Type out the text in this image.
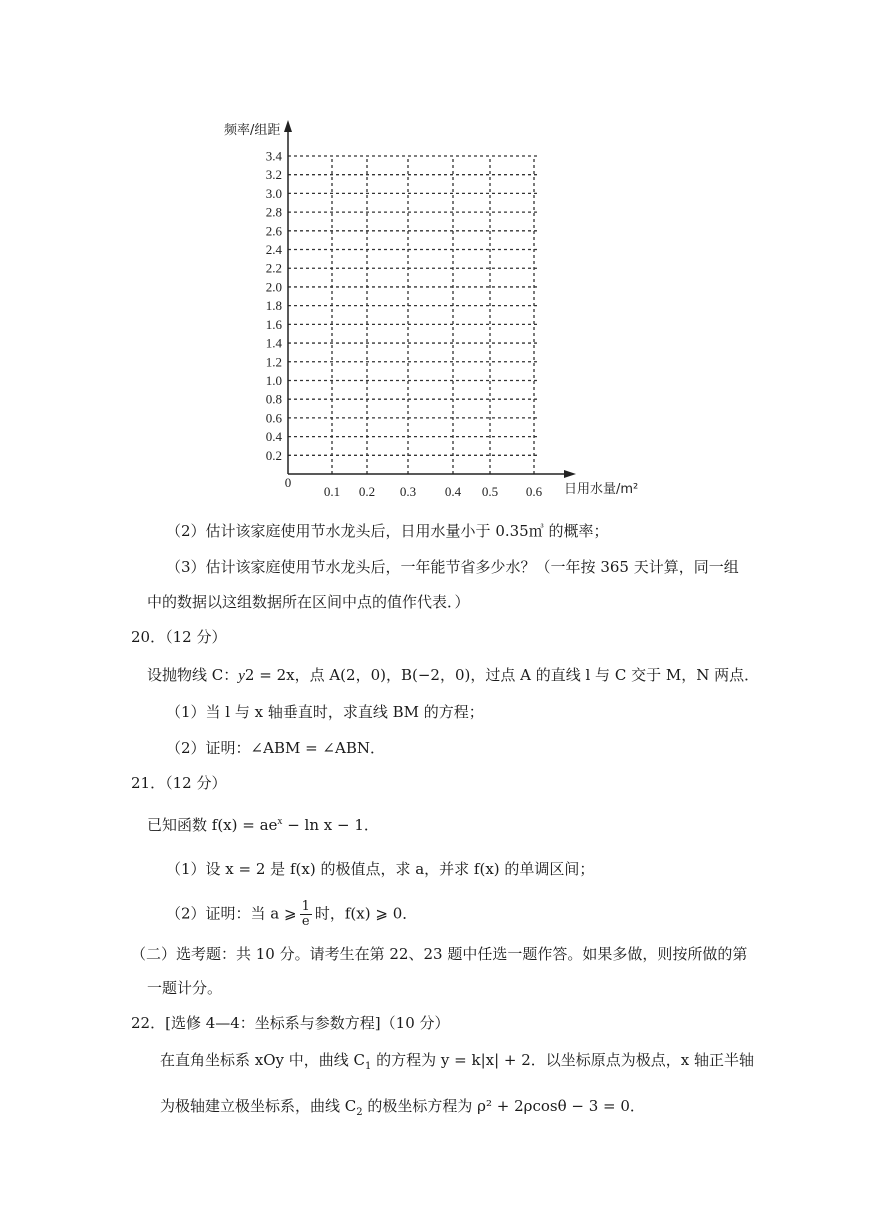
0.2
0.4
0.6
0.8
1.0
1.2
1.4
1.6
1.8
2.0
2.2
2.4
2.6
2.8
3.0
3.2
3.4
0.1 0.2 0.3 0.4 0.5 0.6
0
频率/组距
日用水量/m²
（2）估计该家庭使用节水龙头后，日用水量小于 0.35㎥ 的概率；
（3）估计该家庭使用节水龙头后，一年能节省多少水？（一年按 365 天计算，同一组
中的数据以这组数据所在区间中点的值作代表．）
20．（12 分）
设抛物线 C：y2 = 2x，点 A(2，0)，B(−2，0)，过点 A 的直线 l 与 C 交于 M，N 两点．
（1）当 l 与 x 轴垂直时，求直线 BM 的方程；
（2）证明：∠ABM = ∠ABN．
21．（12 分）
已知函数 $f(x) = ae^x - \ln x - 1$．
（1）设 x = 2 是 f(x) 的极值点，求 a，并求 f(x) 的单调区间；
（2）证明：当 a ⩾ $\frac{1}{e}$ 时，f(x) ⩾ 0．
（二）选考题：共 10 分。请考生在第 22、23 题中任选一题作答。如果多做，则按所做的第
一题计分。
22．[选修 4—4：坐标系与参数方程]（10 分）
在直角坐标系 xOy 中，曲线 $C_1$ 的方程为 y = k|x| + 2．以坐标原点为极点，x 轴正半轴
为极轴建立极坐标系，曲线 $C_2$ 的极坐标方程为 ρ² + 2ρcosθ − 3 = 0．
